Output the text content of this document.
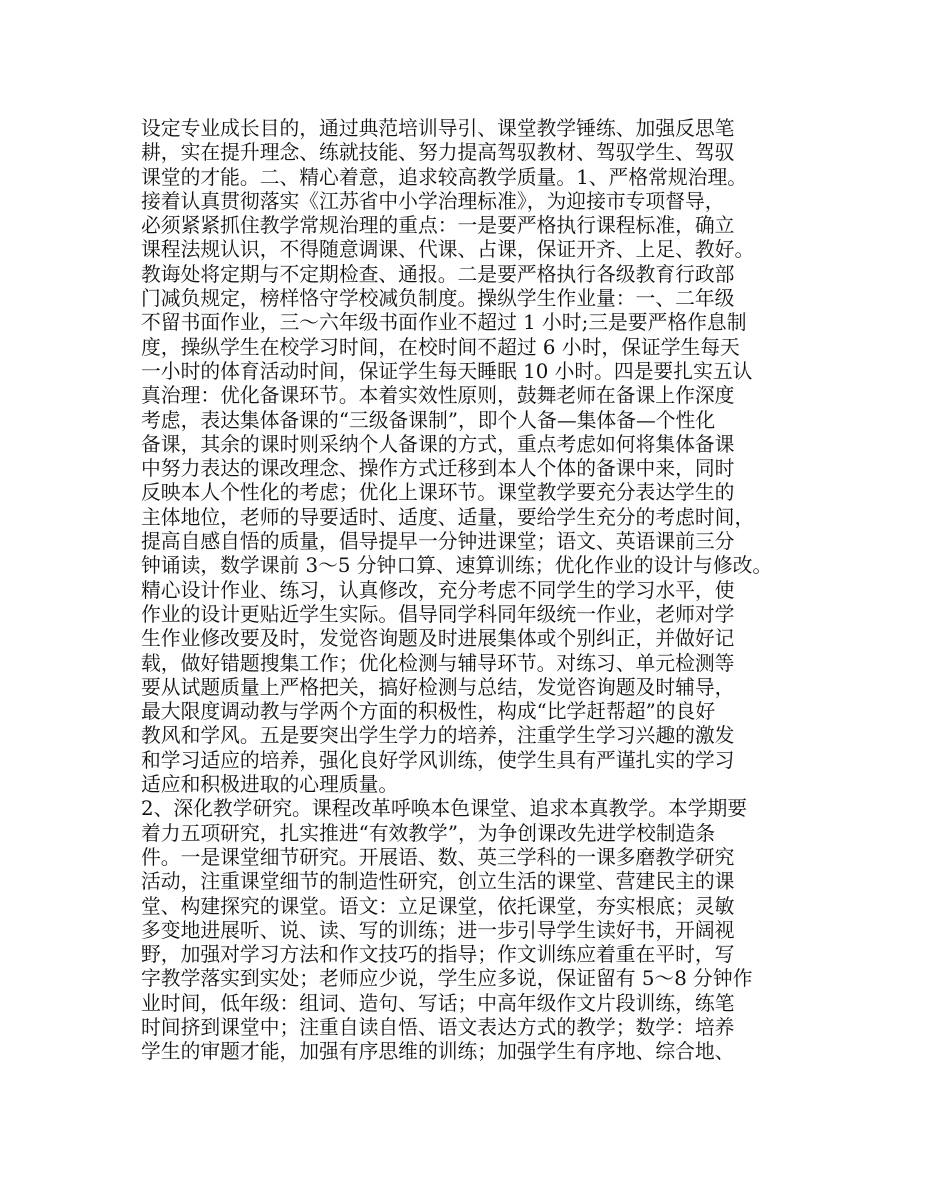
设定专业成长目的，通过典范培训导引、课堂教学锤练、加强反思笔
耕，实在提升理念、练就技能、努力提高驾驭教材、驾驭学生、驾驭
课堂的才能。二、精心着意，追求较高教学质量。1、严格常规治理。
接着认真贯彻落实《江苏省中小学治理标准》，为迎接市专项督导，
必须紧紧抓住教学常规治理的重点：一是要严格执行课程标准，确立
课程法规认识，不得随意调课、代课、占课，保证开齐、上足、教好。
教诲处将定期与不定期检查、通报。二是要严格执行各级教育行政部
门减负规定，榜样恪守学校减负制度。操纵学生作业量：一、二年级
不留书面作业，三～六年级书面作业不超过 1 小时;三是要严格作息制
度，操纵学生在校学习时间，在校时间不超过 6 小时，保证学生每天
一小时的体育活动时间，保证学生每天睡眠 10 小时。四是要扎实五认
真治理：优化备课环节。本着实效性原则，鼓舞老师在备课上作深度
考虑，表达集体备课的“三级备课制”，即个人备—集体备—个性化
备课，其余的课时则采纳个人备课的方式，重点考虑如何将集体备课
中努力表达的课改理念、操作方式迁移到本人个体的备课中来，同时
反映本人个性化的考虑；优化上课环节。课堂教学要充分表达学生的
主体地位，老师的导要适时、适度、适量，要给学生充分的考虑时间，
提高自感自悟的质量，倡导提早一分钟进课堂；语文、英语课前三分
钟诵读，数学课前 3～5 分钟口算、速算训练；优化作业的设计与修改。
精心设计作业、练习，认真修改，充分考虑不同学生的学习水平，使
作业的设计更贴近学生实际。倡导同学科同年级统一作业，老师对学
生作业修改要及时，发觉咨询题及时进展集体或个别纠正，并做好记
载，做好错题搜集工作；优化检测与辅导环节。对练习、单元检测等
要从试题质量上严格把关，搞好检测与总结，发觉咨询题及时辅导，
最大限度调动教与学两个方面的积极性，构成“比学赶帮超”的良好
教风和学风。五是要突出学生学力的培养，注重学生学习兴趣的激发
和学习适应的培养，强化良好学风训练，使学生具有严谨扎实的学习
适应和积极进取的心理质量。
2、深化教学研究。课程改革呼唤本色课堂、追求本真教学。本学期要
着力五项研究，扎实推进“有效教学”，为争创课改先进学校制造条
件。一是课堂细节研究。开展语、数、英三学科的一课多磨教学研究
活动，注重课堂细节的制造性研究，创立生活的课堂、营建民主的课
堂、构建探究的课堂。语文：立足课堂，依托课堂，夯实根底；灵敏
多变地进展听、说、读、写的训练；进一步引导学生读好书，开阔视
野，加强对学习方法和作文技巧的指导；作文训练应着重在平时，写
字教学落实到实处；老师应少说，学生应多说，保证留有 5～8 分钟作
业时间，低年级：组词、造句、写话；中高年级作文片段训练，练笔
时间挤到课堂中；注重自读自悟、语文表达方式的教学；数学：培养
学生的审题才能，加强有序思维的训练；加强学生有序地、综合地、
